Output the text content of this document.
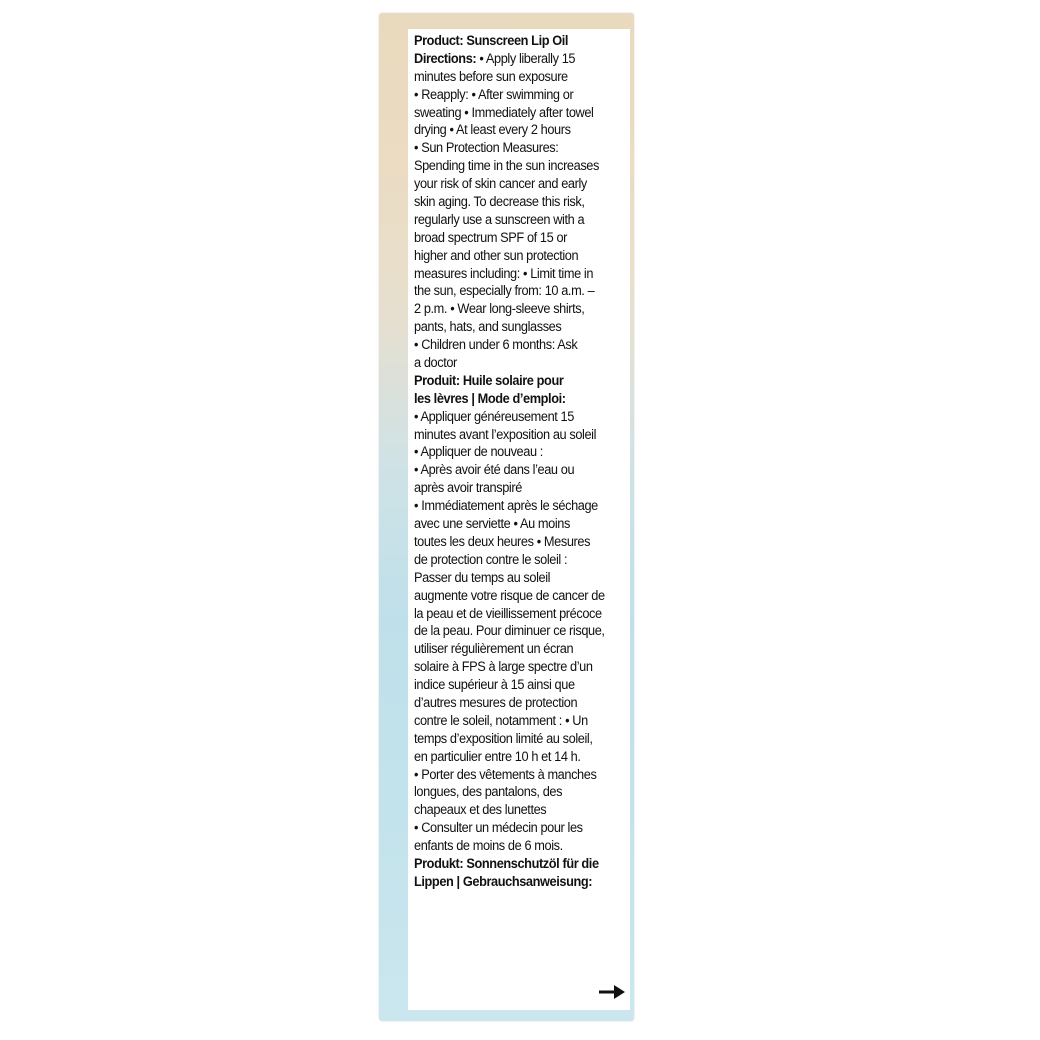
Product: Sunscreen Lip Oil
Directions: • Apply liberally 15
minutes before sun exposure
• Reapply: • After swimming or
sweating • Immediately after towel
drying • At least every 2 hours
• Sun Protection Measures:
Spending time in the sun increases
your risk of skin cancer and early
skin aging. To decrease this risk,
regularly use a sunscreen with a
broad spectrum SPF of 15 or
higher and other sun protection
measures including: • Limit time in
the sun, especially from: 10 a.m. –
2 p.m. • Wear long-sleeve shirts,
pants, hats, and sunglasses
• Children under 6 months: Ask
a doctor
Produit: Huile solaire pour
les lèvres | Mode d’emploi:
• Appliquer généreusement 15
minutes avant l’exposition au soleil
• Appliquer de nouveau :
• Après avoir été dans l’eau ou
après avoir transpiré
• Immédiatement après le séchage
avec une serviette • Au moins
toutes les deux heures • Mesures
de protection contre le soleil :
Passer du temps au soleil
augmente votre risque de cancer de
la peau et de vieillissement précoce
de la peau. Pour diminuer ce risque,
utiliser régulièrement un écran
solaire à FPS à large spectre d’un
indice supérieur à 15 ainsi que
d’autres mesures de protection
contre le soleil, notamment : • Un
temps d’exposition limité au soleil,
en particulier entre 10 h et 14 h.
• Porter des vêtements à manches
longues, des pantalons, des
chapeaux et des lunettes
• Consulter un médecin pour les
enfants de moins de 6 mois.
Produkt: Sonnenschutzöl für die
Lippen | Gebrauchsanweisung:
